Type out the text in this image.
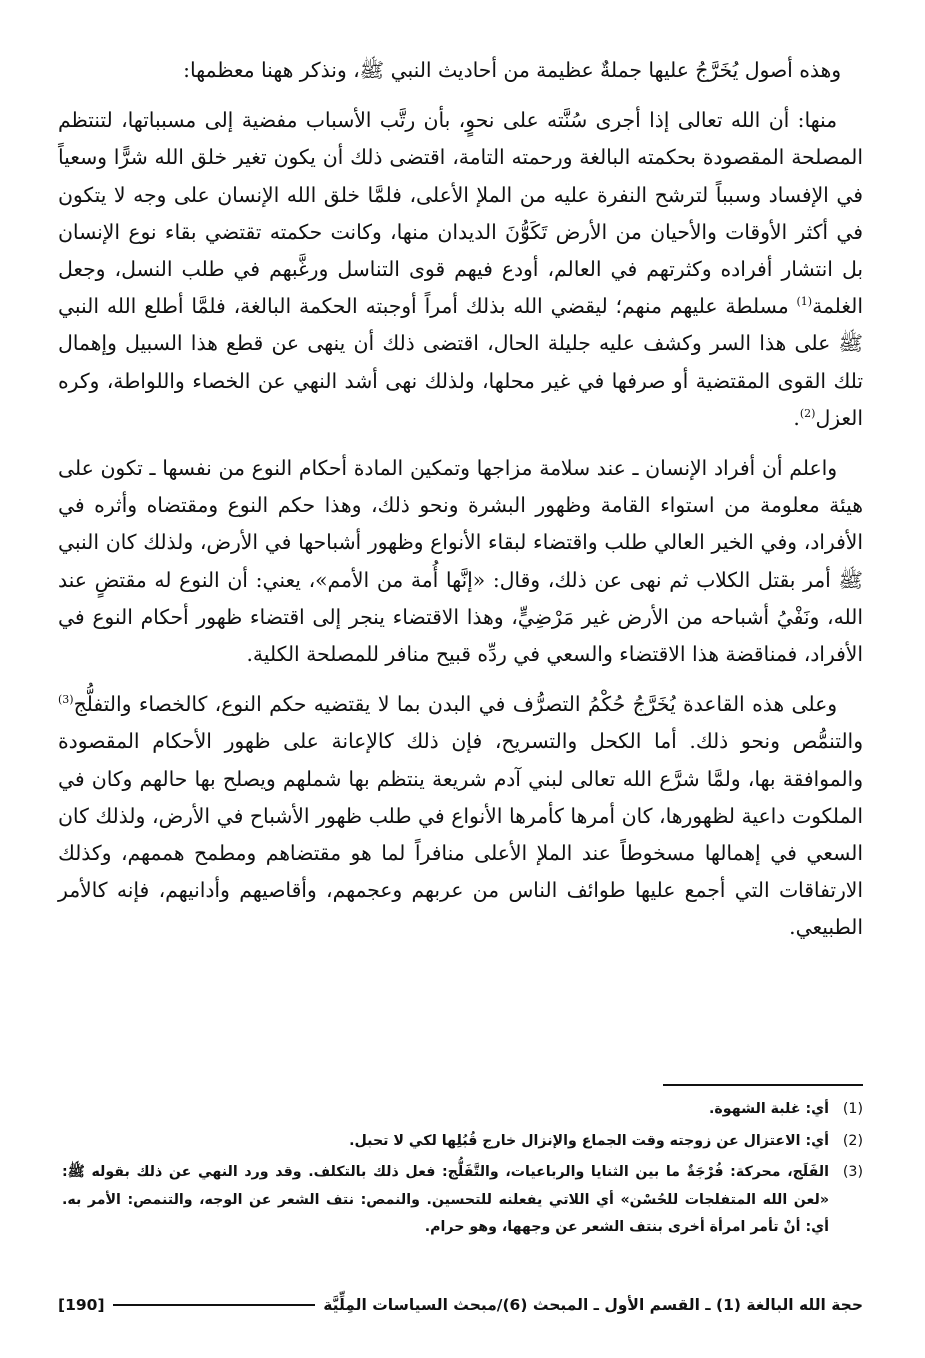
وهذه أصول يُخَرَّجُ عليها جملةٌ عظيمة من أحاديث النبي ﷺ، ونذكر ههنا معظمها:

منها: أن الله تعالى إذا أجرى سُنَّته على نحوٍ، بأن رتَّب الأسباب مفضية إلى مسبباتها، لتنتظم المصلحة المقصودة بحكمته البالغة ورحمته التامة، اقتضى ذلك أن يكون تغير خلق الله شرًّا وسعياً في الإفساد وسبباً لترشح النفرة عليه من الملإ الأعلى، فلمَّا خلق الله الإنسان على وجه لا يتكون في أكثر الأوقات والأحيان من الأرض تَكَوُّنَ الديدان منها، وكانت حكمته تقتضي بقاء نوع الإنسان بل انتشار أفراده وكثرتهم في العالم، أودع فيهم قوى التناسل ورغَّبهم في طلب النسل، وجعل الغلمة$^{(1)}$ مسلطة عليهم منهم؛ ليقضي الله بذلك أمراً أوجبته الحكمة البالغة، فلمَّا أطلع الله النبي ﷺ على هذا السر وكشف عليه جليلة الحال، اقتضى ذلك أن ينهى عن قطع هذا السبيل وإهمال تلك القوى المقتضية أو صرفها في غير محلها، ولذلك نهى أشد النهي عن الخصاء واللواطة، وكره العزل$^{(2)}$.

واعلم أن أفراد الإنسان ـ عند سلامة مزاجها وتمكين المادة أحكام النوع من نفسها ـ تكون على هيئة معلومة من استواء القامة وظهور البشرة ونحو ذلك، وهذا حكم النوع ومقتضاه وأثره في الأفراد، وفي الخير العالي طلب واقتضاء لبقاء الأنواع وظهور أشباحها في الأرض، ولذلك كان النبي ﷺ أمر بقتل الكلاب ثم نهى عن ذلك، وقال: «إنَّها أُمة من الأمم»، يعني: أن النوع له مقتضٍ عند الله، ونَفْيُ أشباحه من الأرض غير مَرْضِيٍّ، وهذا الاقتضاء ينجر إلى اقتضاء ظهور أحكام النوع في الأفراد، فمناقضة هذا الاقتضاء والسعي في ردِّه قبيح منافر للمصلحة الكلية.

وعلى هذه القاعدة يُخَرَّجُ حُكْمُ التصرُّف في البدن بما لا يقتضيه حكم النوع، كالخصاء والتفلُّج$^{(3)}$ والتنمُّص ونحو ذلك. أما الكحل والتسريح، فإن ذلك كالإعانة على ظهور الأحكام المقصودة والموافقة بها، ولمَّا شرَّع الله تعالى لبني آدم شريعة ينتظم بها شملهم ويصلح بها حالهم وكان في الملكوت داعية لظهورها، كان أمرها كأمرها الأنواع في طلب ظهور الأشباح في الأرض، ولذلك كان السعي في إهمالها مسخوطاً عند الملإ الأعلى منافراً لما هو مقتضاهم ومطمح هممهم، وكذلك الارتفاقات التي أجمع عليها طوائف الناس من عربهم وعجمهم، وأقاصيهم وأدانيهم، فإنه كالأمر الطبيعي.

(1)
أي: غلبة الشهوة.
(2)
أي: الاعتزال عن زوجته وقت الجماع والإنزال خارج قُبُلِها لكي لا تحبل.
(3)
الفَلَج، محركة: فُرْجَةٌ ما بين الثنايا والرباعيات، والتَّفَلُّج: فعل ذلك بالتكلف. وقد ورد النهي عن ذلك بقوله ﷺ: «لعن الله المتفلجات للحُسْن» أي اللاتي يفعلنه للتحسين. والنمص: نتف الشعر عن الوجه، والتنمص: الأمر به. أي: أنْ تأمر امرأة أخرى بنتف الشعر عن وجهها، وهو حرام.
حجة الله البالغة (1) ـ القسم الأول ـ المبحث (6)/مبحث السياسات المِلِّيَّة
[190]
